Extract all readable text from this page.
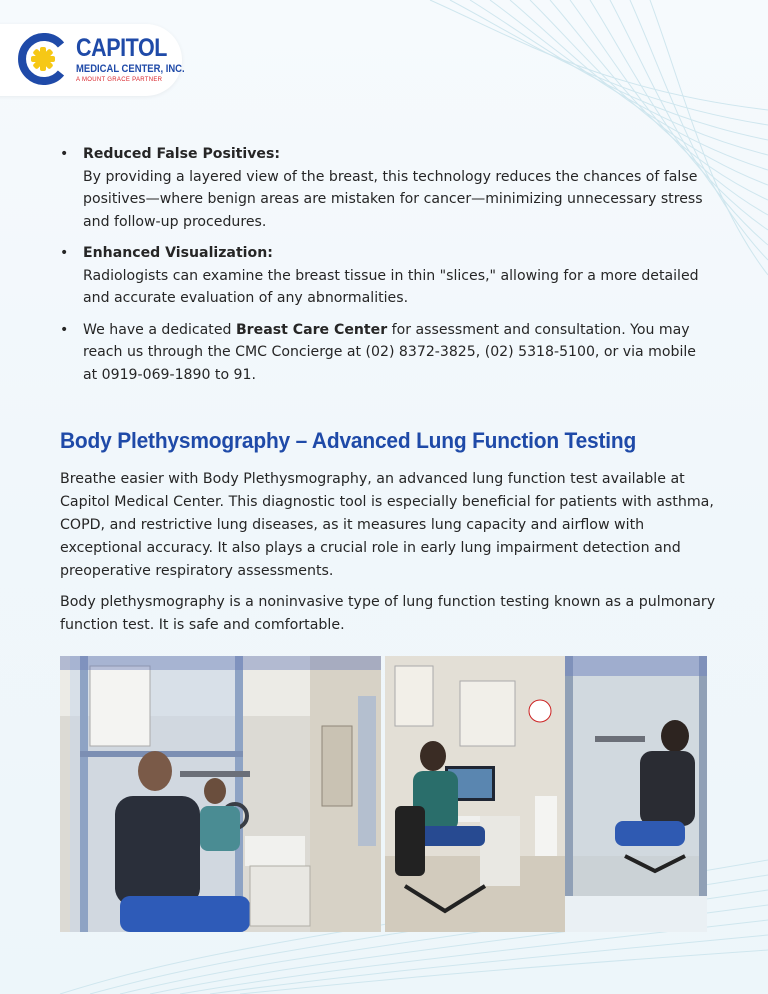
CAPITOL
MEDICAL CENTER, INC.
A MOUNT GRACE PARTNER
• Reduced False Positives:
By providing a layered view of the breast, this technology reduces the chances of false positives—where benign areas are mistaken for cancer—minimizing unnecessary stress and follow-up procedures.
• Enhanced Visualization:
Radiologists can examine the breast tissue in thin "slices," allowing for a more detailed and accurate evaluation of any abnormalities.
• We have a dedicated Breast Care Center for assessment and consultation. You may reach us through the CMC Concierge at (02) 8372-3825, (02) 5318-5100, or via mobile at 0919-069-1890 to 91.
Body Plethysmography – Advanced Lung Function Testing

Breathe easier with Body Plethysmography, an advanced lung function test available at Capitol Medical Center. This diagnostic tool is especially beneficial for patients with asthma, COPD, and restrictive lung diseases, as it measures lung capacity and airflow with exceptional accuracy. It also plays a crucial role in early lung impairment detection and preoperative respiratory assessments.

Body plethysmography is a noninvasive type of lung function testing known as a pulmonary function test. It is safe and comfortable.
